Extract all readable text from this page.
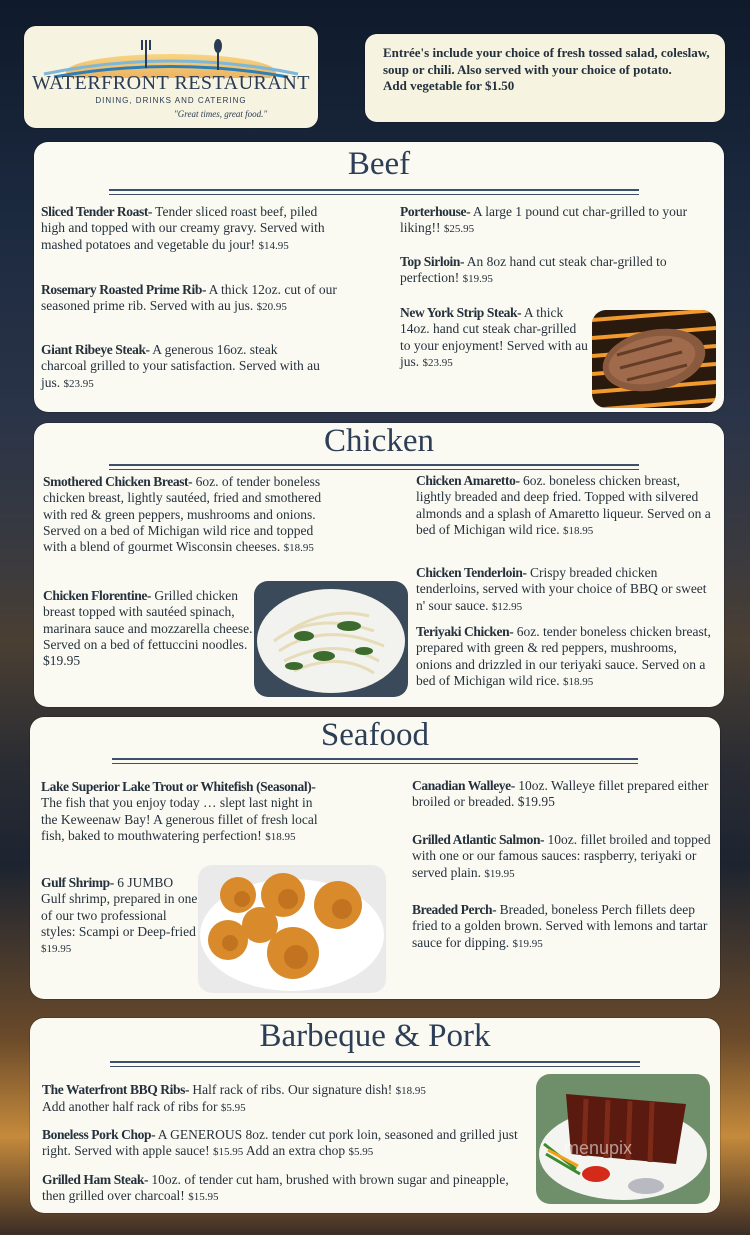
WATERFRONT RESTAURANT
DINING, DRINKS AND CATERING
"Great times, great food."
Entrée's include your choice of fresh tossed salad, coleslaw, soup or chili. Also served with your choice of potato.
Add vegetable for $1.50
Beef
Sliced Tender Roast- Tender sliced roast beef, piled high and topped with our creamy gravy. Served with mashed potatoes and vegetable du jour! $14.95
Rosemary Roasted Prime Rib- A thick 12oz. cut of our seasoned prime rib. Served with au jus. $20.95
Giant Ribeye Steak- A generous 16oz. steak charcoal grilled to your satisfaction. Served with au jus. $23.95
Porterhouse- A large 1 pound cut char-grilled to your liking!! $25.95
Top Sirloin- An 8oz hand cut steak char-grilled to perfection! $19.95
New York Strip Steak- A thick 14oz. hand cut steak char-grilled to your enjoyment! Served with au jus. $23.95
Chicken
Smothered Chicken Breast- 6oz. of tender boneless chicken breast, lightly sautéed, fried and smothered with red & green peppers, mushrooms and onions. Served on a bed of Michigan wild rice and topped with a blend of gourmet Wisconsin cheeses. $18.95
Chicken Florentine- Grilled chicken breast topped with sautéed spinach, marinara sauce and mozzarella cheese. Served on a bed of fettuccini noodles. $19.95
Chicken Amaretto- 6oz. boneless chicken breast, lightly breaded and deep fried. Topped with silvered almonds and a splash of Amaretto liqueur. Served on a bed of Michigan wild rice. $18.95
Chicken Tenderloin- Crispy breaded chicken tenderloins, served with your choice of BBQ or sweet n' sour sauce. $12.95
Teriyaki Chicken- 6oz. tender boneless chicken breast, prepared with green & red peppers, mushrooms, onions and drizzled in our teriyaki sauce. Served on a bed of Michigan wild rice. $18.95
Seafood
Lake Superior Lake Trout or Whitefish (Seasonal)- The fish that you enjoy today … slept last night in the Keweenaw Bay! A generous fillet of fresh local fish, baked to mouthwatering perfection! $18.95
Gulf Shrimp- 6 JUMBO Gulf shrimp, prepared in one of our two professional styles: Scampi or Deep-fried $19.95
Canadian Walleye- 10oz. Walleye fillet prepared either broiled or breaded. $19.95
Grilled Atlantic Salmon- 10oz. fillet broiled and topped with one or our famous sauces: raspberry, teriyaki or served plain. $19.95
Breaded Perch- Breaded, boneless Perch fillets deep fried to a golden brown. Served with lemons and tartar sauce for dipping. $19.95
Barbeque & Pork
The Waterfront BBQ Ribs- Half rack of ribs. Our signature dish! $18.95
Add another half rack of ribs for $5.95
Boneless Pork Chop- A GENEROUS 8oz. tender cut pork loin, seasoned and grilled just right. Served with apple sauce! $15.95 Add an extra chop $5.95
Grilled Ham Steak- 10oz. of tender cut ham, brushed with brown sugar and pineapple, then grilled over charcoal! $15.95
menupix
